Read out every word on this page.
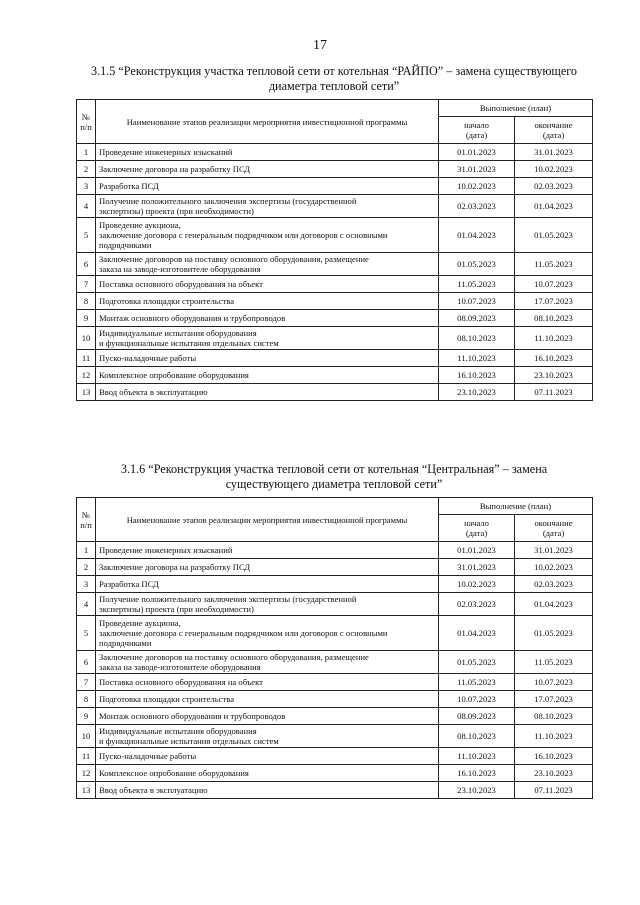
17
3.1.5 “Реконструкция участка тепловой сети от котельная “РАЙПО” – замена существующего диаметра тепловой сети”
№
п/п	Наименование этапов реализации мероприятия инвестиционной программы	Выполнение (план)	
		начало
(дата)	окончание
(дата)
1	Проведение инженерных изысканий	01.01.2023	31.01.2023
2	Заключение договора на разработку ПСД	31.01.2023	10.02.2023
3	Разработка ПСД	10.02.2023	02.03.2023
4	Получение положительного заключения экспертизы (государственной
экспертизы) проекта (при необходимости)	02.03.2023	01.04.2023
5	Проведение аукциона,
заключение договора с генеральным подрядчиком или договоров с основными
подрядчиками	01.04.2023	01.05.2023
6	Заключение договоров на поставку основного оборудования, размещение
заказа на заводе-изготовителе оборудования	01.05.2023	11.05.2023
7	Поставка основного оборудования на объект	11.05.2023	10.07.2023
8	Подготовка площадки строительства	10.07.2023	17.07.2023
9	Монтаж основного оборудования и трубопроводов	08.09.2023	08.10.2023
10	Индивидуальные испытания оборудования
и функциональные испытания отдельных систем	08.10.2023	11.10.2023
11	Пуско-наладочные работы	11.10.2023	16.10.2023
12	Комплексное опробование оборудования	16.10.2023	23.10.2023
13	Ввод объекта в эксплуатацию	23.10.2023	07.11.2023
3.1.6 “Реконструкция участка тепловой сети от котельная “Центральная” – замена существующего диаметра тепловой сети”
№
п/п	Наименование этапов реализации мероприятия инвестиционной программы	Выполнение (план)	
		начало
(дата)	окончание
(дата)
1	Проведение инженерных изысканий	01.01.2023	31.01.2023
2	Заключение договора на разработку ПСД	31.01.2023	10.02.2023
3	Разработка ПСД	10.02.2023	02.03.2023
4	Получение положительного заключения экспертизы (государственной
экспертизы) проекта (при необходимости)	02.03.2023	01.04.2023
5	Проведение аукциона,
заключение договора с генеральным подрядчиком или договоров с основными
подрядчиками	01.04.2023	01.05.2023
6	Заключение договоров на поставку основного оборудования, размещение
заказа на заводе-изготовителе оборудования	01.05.2023	11.05.2023
7	Поставка основного оборудования на объект	11.05.2023	10.07.2023
8	Подготовка площадки строительства	10.07.2023	17.07.2023
9	Монтаж основного оборудования и трубопроводов	08.09.2023	08.10.2023
10	Индивидуальные испытания оборудования
и функциональные испытания отдельных систем	08.10.2023	11.10.2023
11	Пуско-наладочные работы	11.10.2023	16.10.2023
12	Комплексное опробование оборудования	16.10.2023	23.10.2023
13	Ввод объекта в эксплуатацию	23.10.2023	07.11.2023
